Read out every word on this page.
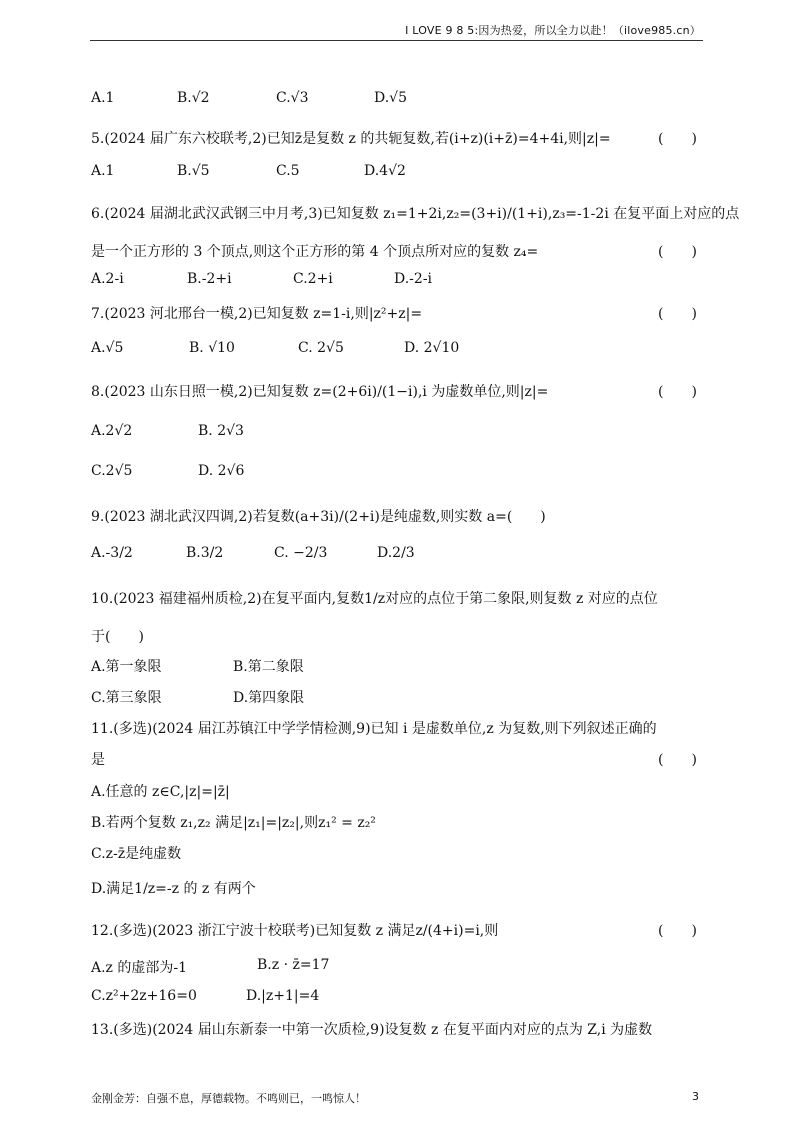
I LOVE 9 8 5:因为热爱，所以全力以赴！（ilove985.cn）
A.1	B.√2	C.√3	D.√5
5.(2024 届广东六校联考,2)已知z̄是复数 z 的共轭复数,若(i+z)(i+z̄)=4+4i,则|z|=	(　　)
A.1	B.√5	C.5	D.4√2
6.(2024 届湖北武汉武钢三中月考,3)已知复数 z₁=1+2i,z₂=(3+i)/(1+i),z₃=-1-2i 在复平面上对应的点
是一个正方形的 3 个顶点,则这个正方形的第 4 个顶点所对应的复数 z₄=	(　　)
A.2-i	B.-2+i	C.2+i	D.-2-i
7.(2023 河北邢台一模,2)已知复数 z=1-i,则|z²+z|=	(　　)
A.√5	B. √10	C. 2√5	D. 2√10
8.(2023 山东日照一模,2)已知复数 z=(2+6i)/(1−i),i 为虚数单位,则|z|=	(　　)
A.2√2	B. 2√3
C.2√5	D. 2√6
9.(2023 湖北武汉四调,2)若复数(a+3i)/(2+i)是纯虚数,则实数 a=(　　)
A.-3/2	B.3/2	C. −2/3	D.2/3
10.(2023 福建福州质检,2)在复平面内,复数1/z对应的点位于第二象限,则复数 z 对应的点位
于(　　)
A.第一象限	B.第二象限
C.第三象限	D.第四象限
11.(多选)(2024 届江苏镇江中学学情检测,9)已知 i 是虚数单位,z 为复数,则下列叙述正确的
是	(　　)
A.任意的 z∈C,|z|=|z̄|
B.若两个复数 z₁,z₂ 满足|z₁|=|z₂|,则z₁² = z₂²
C.z-z̄是纯虚数
D.满足1/z=-z 的 z 有两个
12.(多选)(2023 浙江宁波十校联考)已知复数 z 满足z/(4+i)=i,则	(　　)
A.z 的虚部为-1	B.z · z̄=17
C.z²+2z+16=0	D.|z+1|=4
13.(多选)(2024 届山东新泰一中第一次质检,9)设复数 z 在复平面内对应的点为 Z,i 为虚数
金刚金芳：自强不息，厚德载物。不鸣则已，一鸣惊人！	3
